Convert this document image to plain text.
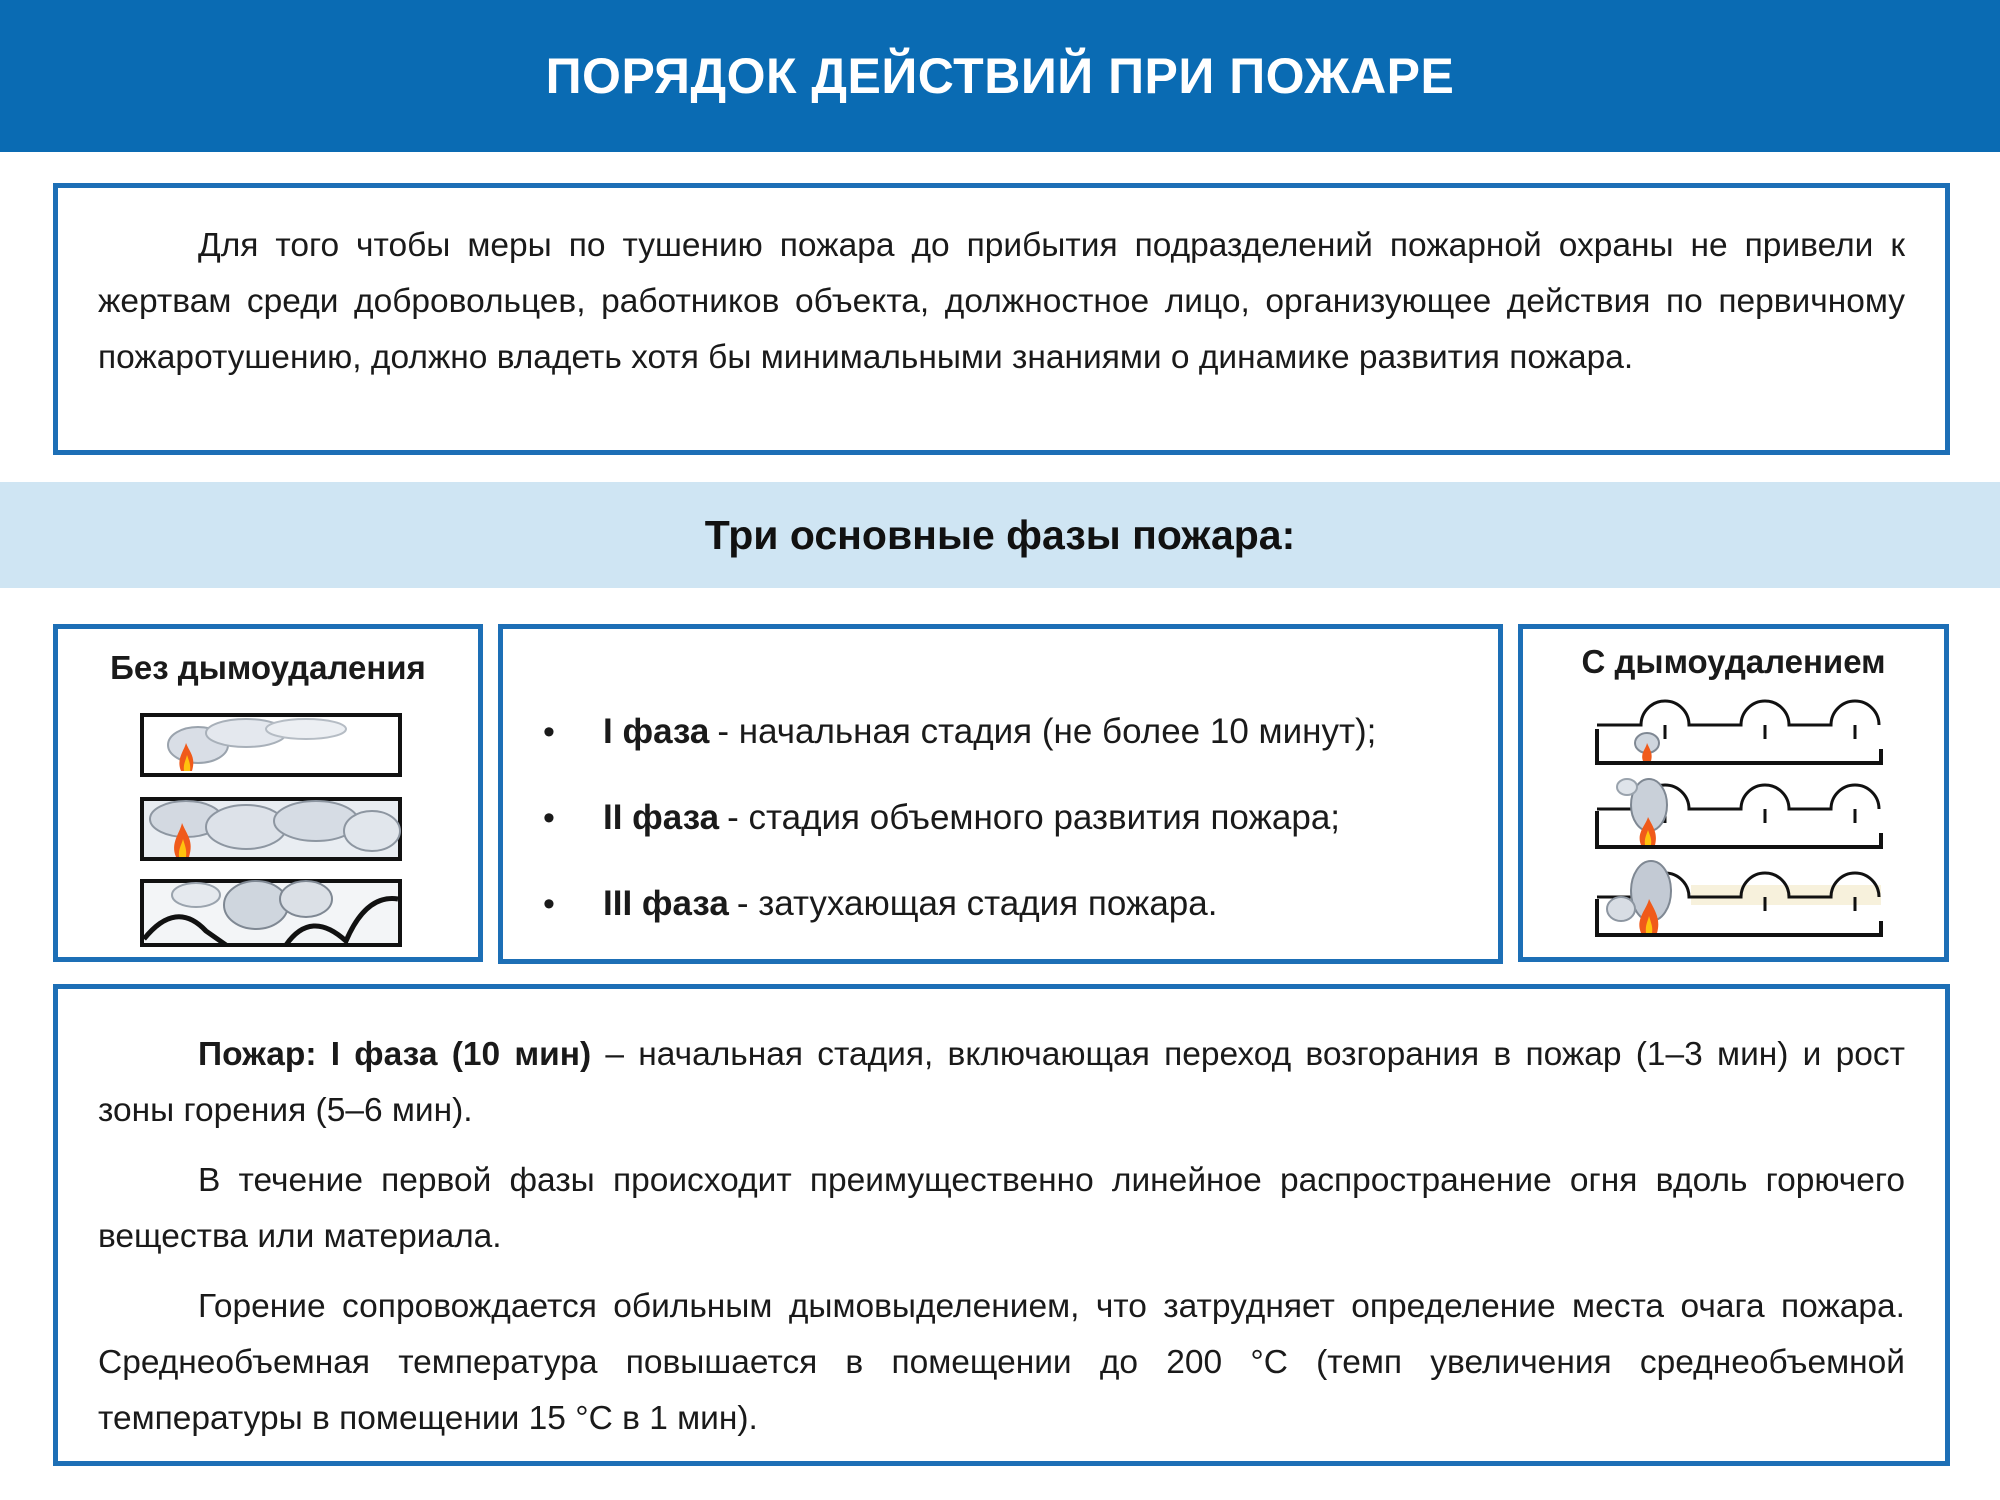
ПОРЯДОК ДЕЙСТВИЙ ПРИ ПОЖАРЕ

Для того чтобы меры по тушению пожара до прибытия подразделений пожарной охраны не привели к жертвам среди добровольцев, работников объекта, должностное лицо, организующее действия по первичному пожаротушению, должно владеть хотя бы минимальными знаниями о динамике развития пожара.

Три основные фазы пожара:
Без дымоудаления
•	I фаза - начальная стадия (не более 10 минут);
•	II фаза - стадия объемного развития пожара;
•	III фаза - затухающая стадия пожара.
С дымоудалением

Пожар: I фаза (10 мин) – начальная стадия, включающая переход возгорания в пожар (1–3 мин) и рост зоны горения (5–6 мин).

В течение первой фазы происходит преимущественно линейное распространение огня вдоль горючего вещества или материала.

Горение сопровождается обильным дымовыделением, что затрудняет определение места очага пожара. Среднеобъемная температура повышается в помещении до 200 °С (темп увеличения среднеобъемной температуры в помещении 15 °С в 1 мин).
